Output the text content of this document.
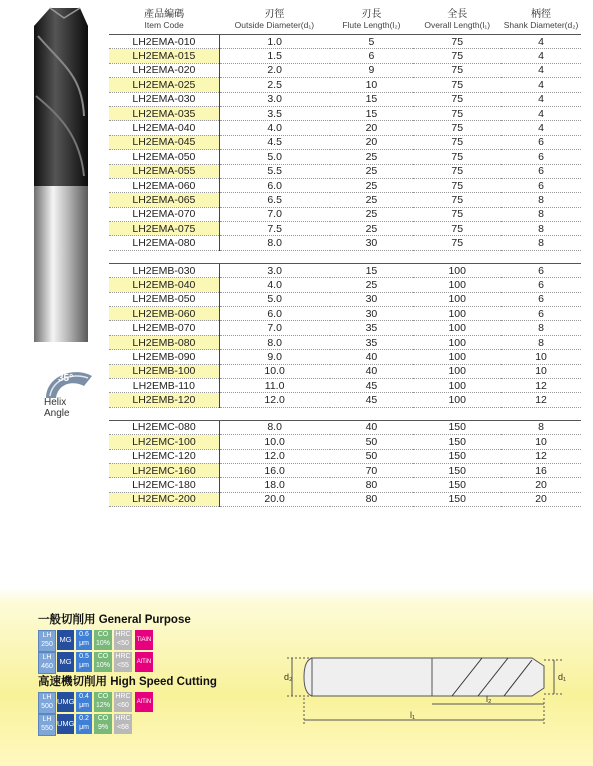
35°
Helix
Angle
產品編碼	刃徑	刃長	全長	柄徑
Item Code	Outside Diameter(d₁)	Flute Length(l₂)	Overall Length(l₁)	Shank Diameter(d₂)
LH2EMA-010	1.0	5	75	4
LH2EMA-015	1.5	6	75	4
LH2EMA-020	2.0	9	75	4
LH2EMA-025	2.5	10	75	4
LH2EMA-030	3.0	15	75	4
LH2EMA-035	3.5	15	75	4
LH2EMA-040	4.0	20	75	4
LH2EMA-045	4.5	20	75	6
LH2EMA-050	5.0	25	75	6
LH2EMA-055	5.5	25	75	6
LH2EMA-060	6.0	25	75	6
LH2EMA-065	6.5	25	75	8
LH2EMA-070	7.0	25	75	8
LH2EMA-075	7.5	25	75	8
LH2EMA-080	8.0	30	75	8

LH2EMB-030	3.0	15	100	6
LH2EMB-040	4.0	25	100	6
LH2EMB-050	5.0	30	100	6
LH2EMB-060	6.0	30	100	6
LH2EMB-070	7.0	35	100	8
LH2EMB-080	8.0	35	100	8
LH2EMB-090	9.0	40	100	10
LH2EMB-100	10.0	40	100	10
LH2EMB-110	11.0	45	100	12
LH2EMB-120	12.0	45	100	12

LH2EMC-080	8.0	40	150	8
LH2EMC-100	10.0	50	150	10
LH2EMC-120	12.0	50	150	12
LH2EMC-160	16.0	70	150	16
LH2EMC-180	18.0	80	150	20
LH2EMC-200	20.0	80	150	20
一般切削用 General Purpose
LH
250
MG
0.6
μm
CO
10%
HRC
<50	TiAlN
LH
460
MG
0.5
μm
CO
10%
HRC
<55	AlTiN
高速機切削用 High Speed Cutting
LH
500
UMG
0.4
μm
CO
12%
HRC
<60	AlTiN
LH
550
UMG
0.2
μm
CO
9%
HRC
<68
d₂	d₁
l₂
l₁
